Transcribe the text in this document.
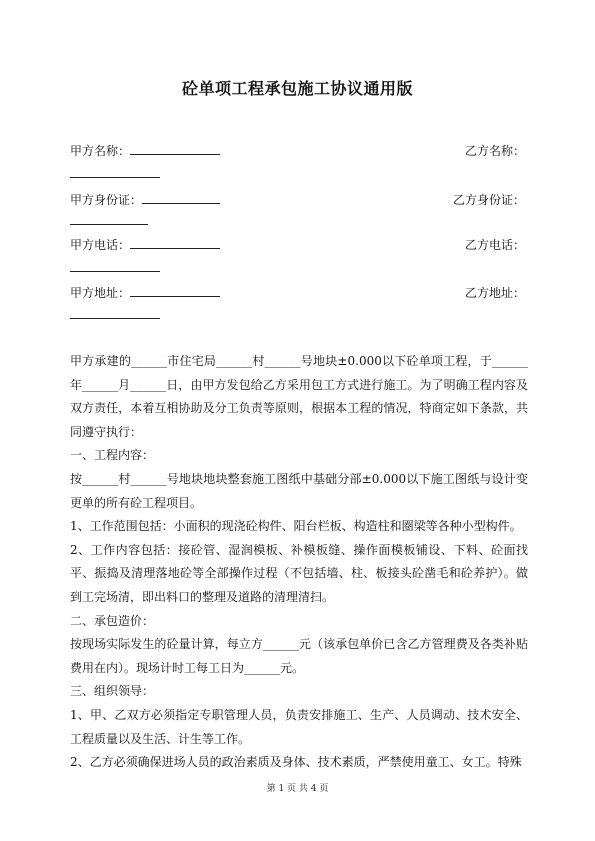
砼单项工程承包施工协议通用版
甲方名称：	乙方名称：
甲方身份证：	乙方身份证：
甲方电话：	乙方电话：
甲方地址：	乙方地址：

甲方承建的______市住宅局______村______号地块±0.000以下砼单项工程，于______年______月______日，由甲方发包给乙方采用包工方式进行施工。为了明确工程内容及双方责任，本着互相协助及分工负责等原则，根据本工程的情况，特商定如下条款，共同遵守执行：

一、工程内容：

按______村______号地块地块整套施工图纸中基础分部±0.000以下施工图纸与设计变更单的所有砼工程项目。

1、工作范围包括：小面积的现浇砼构件、阳台栏板、构造柱和圈梁等各种小型构件。

2、工作内容包括：接砼管、湿润模板、补模板缝、操作面模板铺设、下料、砼面找平、振捣及清理落地砼等全部操作过程（不包括墙、柱、板接头砼凿毛和砼养护）。做到工完场清，即出料口的整理及道路的清理清扫。

二、承包造价：

按现场实际发生的砼量计算，每立方______元（该承包单价已含乙方管理费及各类补贴费用在内）。现场计时工每工日为______元。

三、组织领导：

1、甲、乙双方必须指定专职管理人员，负责安排施工、生产、人员调动、技术安全、工程质量以及生活、计生等工作。

2、乙方必须确保进场人员的政治素质及身体、技术素质，严禁使用童工、女工。特殊

第 1 页 共 4 页
